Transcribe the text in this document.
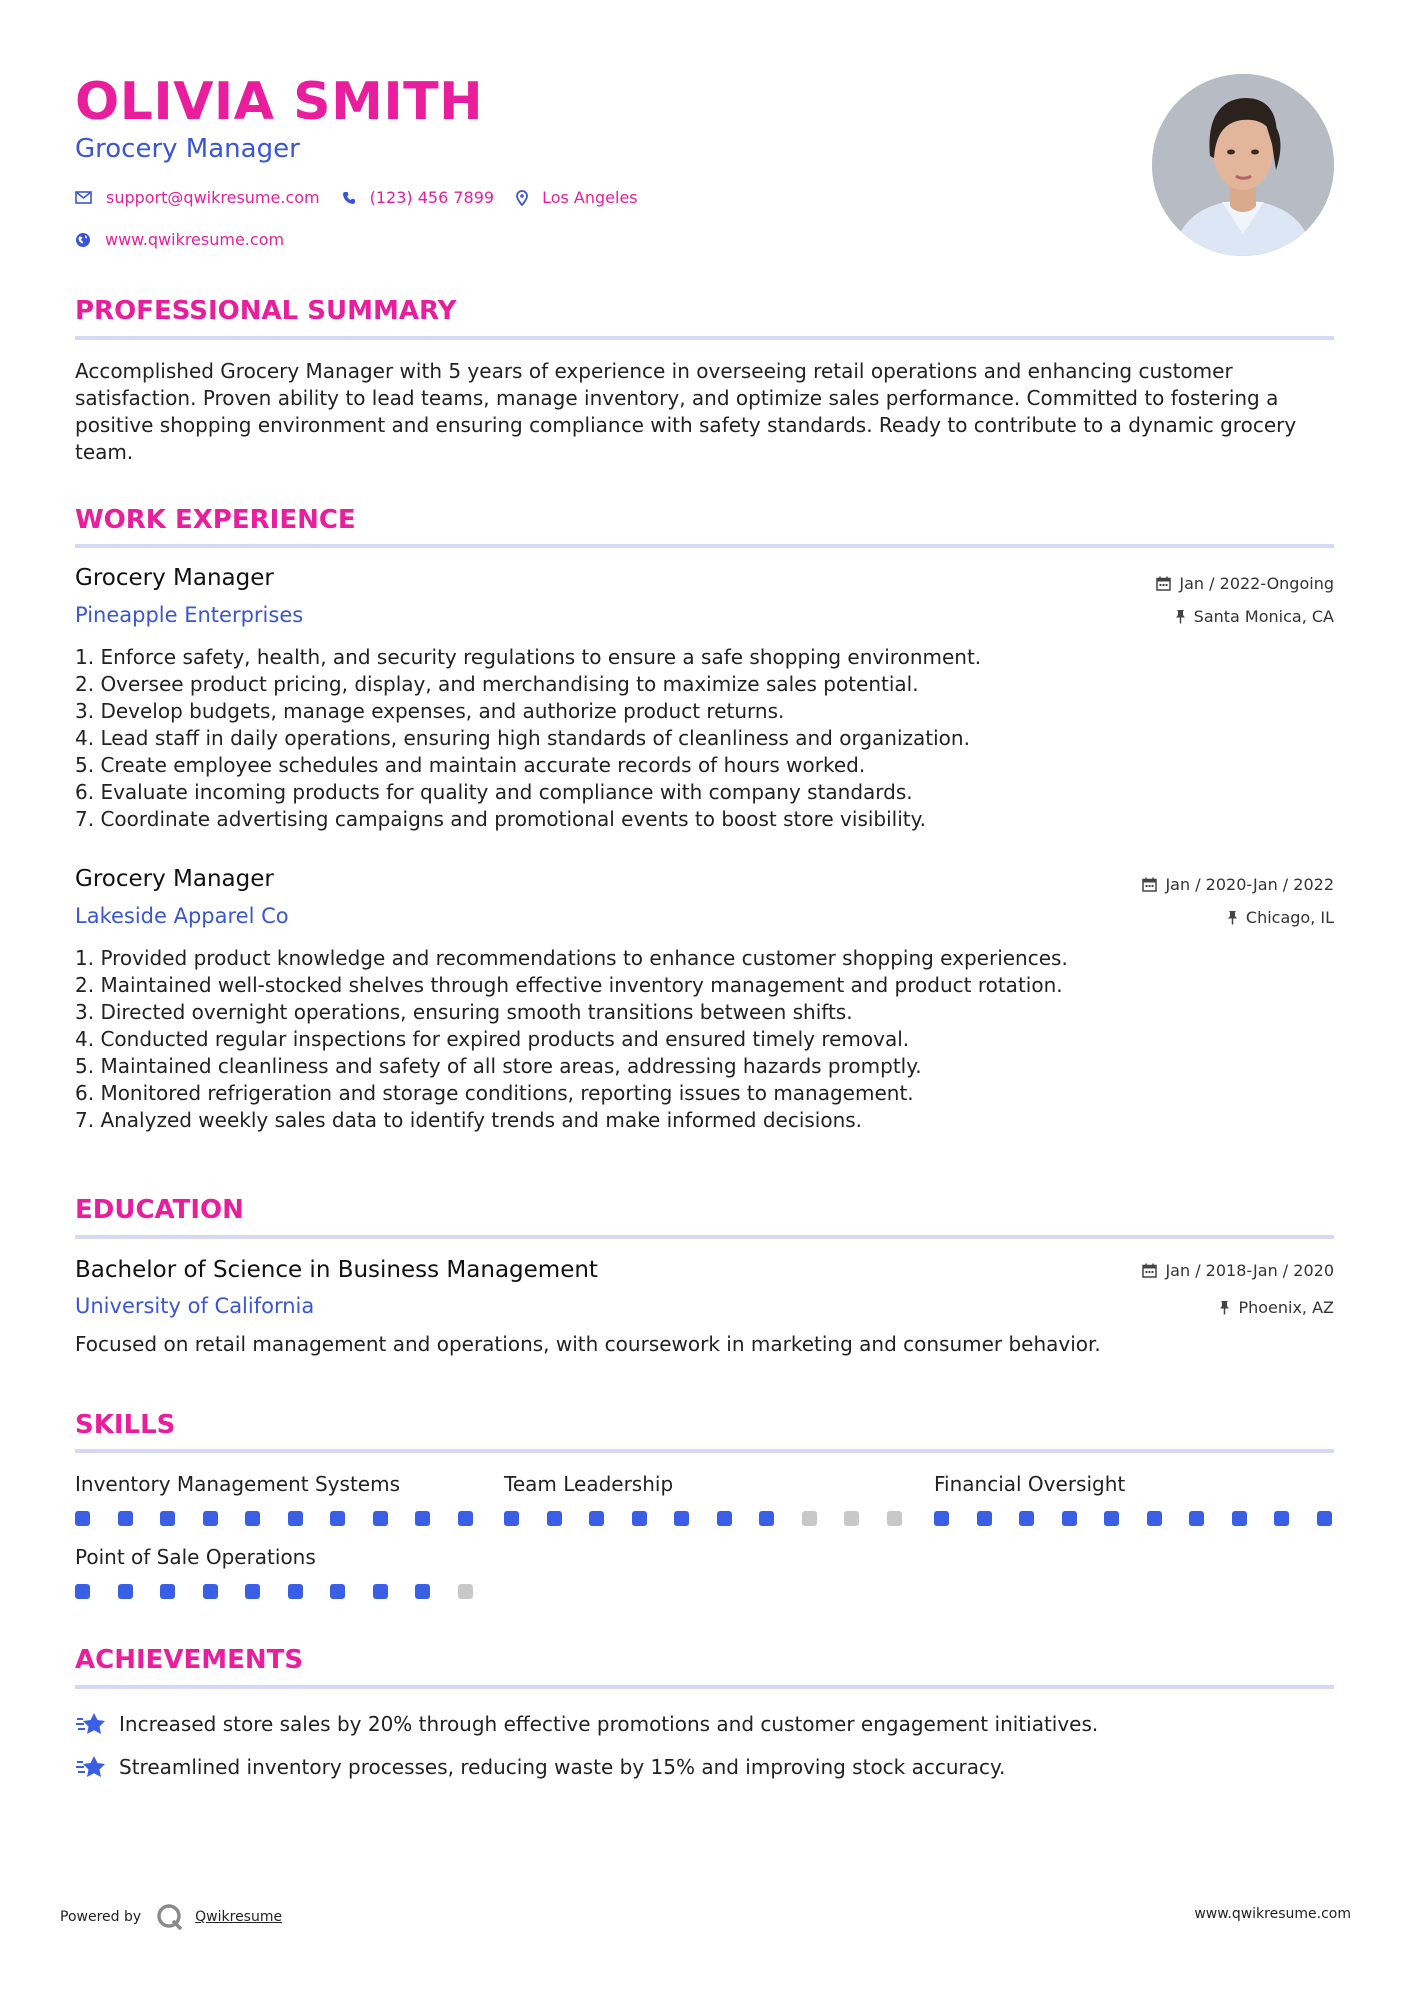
OLIVIA SMITH
Grocery Manager
support@qwikresume.com	(123) 456 7899	Los Angeles
www.qwikresume.com
PROFESSIONAL SUMMARY
Accomplished Grocery Manager with 5 years of experience in overseeing retail operations and enhancing customer satisfaction. Proven ability to lead teams, manage inventory, and optimize sales performance. Committed to fostering a positive shopping environment and ensuring compliance with safety standards. Ready to contribute to a dynamic grocery team.
WORK EXPERIENCE
Grocery Manager	Jan / 2022-Ongoing
Pineapple Enterprises	Santa Monica, CA
1. Enforce safety, health, and security regulations to ensure a safe shopping environment.
2. Oversee product pricing, display, and merchandising to maximize sales potential.
3. Develop budgets, manage expenses, and authorize product returns.
4. Lead staff in daily operations, ensuring high standards of cleanliness and organization.
5. Create employee schedules and maintain accurate records of hours worked.
6. Evaluate incoming products for quality and compliance with company standards.
7. Coordinate advertising campaigns and promotional events to boost store visibility.
Grocery Manager	Jan / 2020-Jan / 2022
Lakeside Apparel Co	Chicago, IL
1. Provided product knowledge and recommendations to enhance customer shopping experiences.
2. Maintained well-stocked shelves through effective inventory management and product rotation.
3. Directed overnight operations, ensuring smooth transitions between shifts.
4. Conducted regular inspections for expired products and ensured timely removal.
5. Maintained cleanliness and safety of all store areas, addressing hazards promptly.
6. Monitored refrigeration and storage conditions, reporting issues to management.
7. Analyzed weekly sales data to identify trends and make informed decisions.
EDUCATION
Bachelor of Science in Business Management	Jan / 2018-Jan / 2020
University of California	Phoenix, AZ
Focused on retail management and operations, with coursework in marketing and consumer behavior.
SKILLS
Inventory Management Systems	Team Leadership	Financial Oversight
Point of Sale Operations
ACHIEVEMENTS
Increased store sales by 20% through effective promotions and customer engagement initiatives.
Streamlined inventory processes, reducing waste by 15% and improving stock accuracy.
Powered by	Qwikresume	www.qwikresume.com
